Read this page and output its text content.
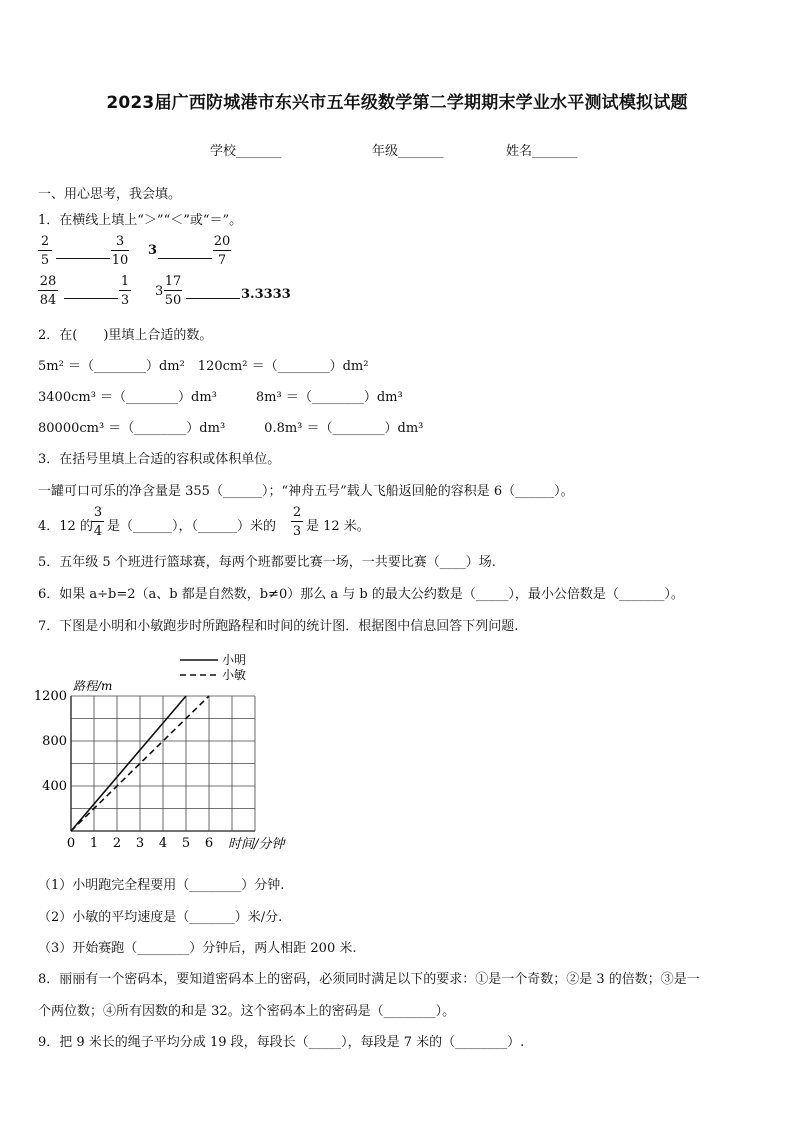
2023届广西防城港市东兴市五年级数学第二学期期末学业水平测试模拟试题
学校_______	年级_______	姓名_______
一、用心思考，我会填。
1．在横线上填上“＞”“＜”或“＝”。
2
5
3
10
3
20
7
28
84
1
3
3
17
50	3.3333
2．在(　　)里填上合适的数。
5m² ＝（________）dm²　120cm² ＝（________）dm²
3400cm³ ＝（________）dm³　　　8m³ ＝（________）dm³
80000cm³ ＝（________）dm³　　　0.8m³ ＝（________）dm³
3．在括号里填上合适的容积或体积单位。
一罐可口可乐的净含量是 355（______）；“神舟五号”载人飞船返回舱的容积是 6（______）。
4．12 的
3
4 是（______），（______）米的
2
3 是 12 米。
5．五年级 5 个班进行篮球赛，每两个班都要比赛一场，一共要比赛（____）场.
6．如果 a÷b=2（a、b 都是自然数，b≠0）那么 a 与 b 的最大公约数是（_____），最小公倍数是（_______）。
7．下图是小明和小敏跑步时所跑路程和时间的统计图．根据图中信息回答下列问题.
0 1 2 3 4 5 6
400
800
1200
路程/m
时间/分钟
小明
小敏
（1）小明跑完全程要用（________）分钟.
（2）小敏的平均速度是（_______）米/分.
（3）开始赛跑（________）分钟后，两人相距 200 米.
8．丽丽有一个密码本，要知道密码本上的密码，必须同时满足以下的要求：①是一个奇数；②是 3 的倍数；③是一
个两位数；④所有因数的和是 32。这个密码本上的密码是（________）。
9．把 9 米长的绳子平均分成 19 段，每段长（_____），每段是 7 米的（________）.
